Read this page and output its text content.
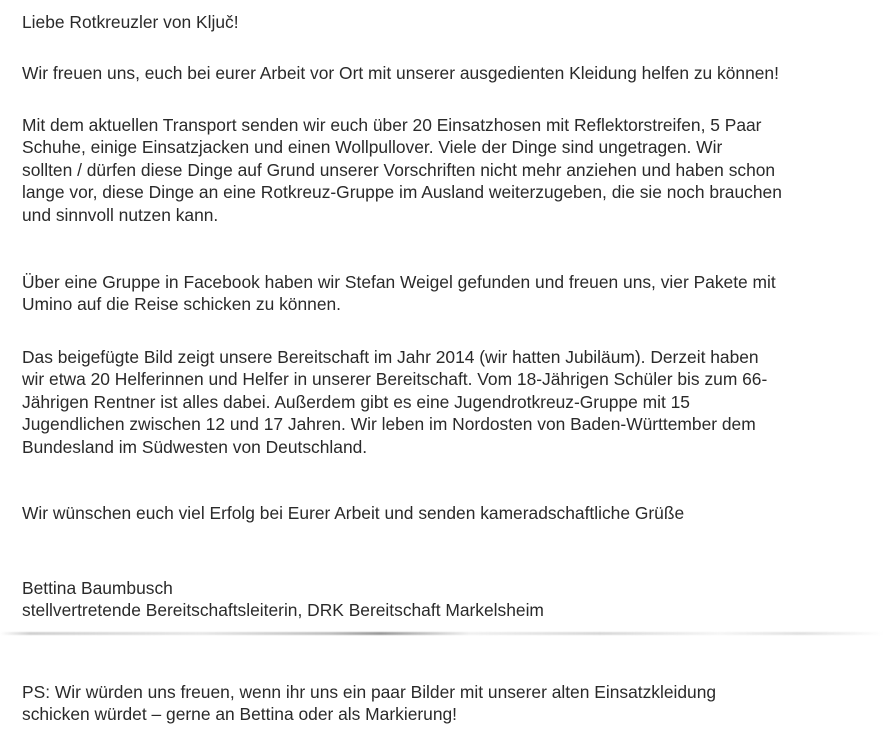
Liebe Rotkreuzler von Ključ!

Wir freuen uns, euch bei eurer Arbeit vor Ort mit unserer ausgedienten Kleidung helfen zu können!

Mit dem aktuellen Transport senden wir euch über 20 Einsatzhosen mit Reflektorstreifen, 5 Paar
Schuhe, einige Einsatzjacken und einen Wollpullover. Viele der Dinge sind ungetragen. Wir
sollten / dürfen diese Dinge auf Grund unserer Vorschriften nicht mehr anziehen und haben schon
lange vor, diese Dinge an eine Rotkreuz-Gruppe im Ausland weiterzugeben, die sie noch brauchen
und sinnvoll nutzen kann.

Über eine Gruppe in Facebook haben wir Stefan Weigel gefunden und freuen uns, vier Pakete mit
Umino auf die Reise schicken zu können.

Das beigefügte Bild zeigt unsere Bereitschaft im Jahr 2014 (wir hatten Jubiläum). Derzeit haben
wir etwa 20 Helferinnen und Helfer in unserer Bereitschaft. Vom 18-Jährigen Schüler bis zum 66-
Jährigen Rentner ist alles dabei. Außerdem gibt es eine Jugendrotkreuz-Gruppe mit 15
Jugendlichen zwischen 12 und 17 Jahren. Wir leben im Nordosten von Baden-Württember dem
Bundesland im Südwesten von Deutschland.

Wir wünschen euch viel Erfolg bei Eurer Arbeit und senden kameradschaftliche Grüße

Bettina Baumbusch
stellvertretende Bereitschaftsleiterin, DRK Bereitschaft Markelsheim

PS: Wir würden uns freuen, wenn ihr uns ein paar Bilder mit unserer alten Einsatzkleidung
schicken würdet – gerne an Bettina oder als Markierung!
